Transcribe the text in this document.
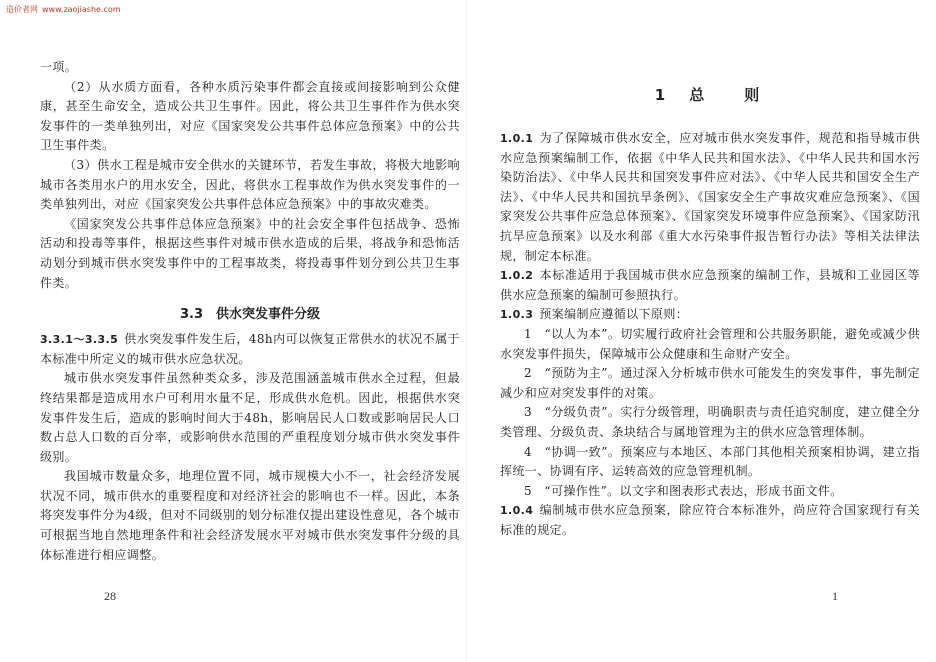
造价者网 www.zaojiashe.com

一项。

（2）从水质方面看，各种水质污染事件都会直接或间接影响到公众健康，甚至生命安全，造成公共卫生事件。因此，将公共卫生事件作为供水突发事件的一类单独列出，对应《国家突发公共事件总体应急预案》中的公共卫生事件类。

（3）供水工程是城市安全供水的关键环节，若发生事故，将极大地影响城市各类用水户的用水安全，因此，将供水工程事故作为供水突发事件的一类单独列出，对应《国家突发公共事件总体应急预案》中的事故灾难类。

《国家突发公共事件总体应急预案》中的社会安全事件包括战争、恐怖活动和投毒等事件，根据这些事件对城市供水造成的后果，将战争和恐怖活动划分到城市供水突发事件中的工程事故类，将投毒事件划分到公共卫生事件类。

3.3　供水突发事件分级

3.3.1～3.3.5 供水突发事件发生后，48h内可以恢复正常供水的状况不属于本标准中所定义的城市供水应急状况。

城市供水突发事件虽然种类众多，涉及范围涵盖城市供水全过程，但最终结果都是造成用水户可利用水量不足，形成供水危机。因此，根据供水突发事件发生后，造成的影响时间大于48h，影响居民人口数或影响居民人口数占总人口数的百分率，或影响供水范围的严重程度划分城市供水突发事件级别。

我国城市数量众多，地理位置不同，城市规模大小不一，社会经济发展状况不同，城市供水的重要程度和对经济社会的影响也不一样。因此，本条将突发事件分为4级，但对不同级别的划分标准仅提出建设性意见，各个城市可根据当地自然地理条件和社会经济发展水平对城市供水突发事件分级的具体标准进行相应调整。

28
1 总 则

1.0.1 为了保障城市供水安全，应对城市供水突发事件，规范和指导城市供水应急预案编制工作，依据《中华人民共和国水法》、《中华人民共和国水污染防治法》、《中华人民共和国突发事件应对法》、《中华人民共和国安全生产法》、《中华人民共和国抗旱条例》、《国家安全生产事故灾难应急预案》、《国家突发公共事件应急总体预案》、《国家突发环境事件应急预案》、《国家防汛抗旱应急预案》以及水利部《重大水污染事件报告暂行办法》等相关法律法规，制定本标准。

1.0.2 本标准适用于我国城市供水应急预案的编制工作，县城和工业园区等供水应急预案的编制可参照执行。

1.0.3 预案编制应遵循以下原则：

1　“以人为本”。切实履行政府社会管理和公共服务职能，避免或减少供水突发事件损失，保障城市公众健康和生命财产安全。

2　“预防为主”。通过深入分析城市供水可能发生的突发事件，事先制定减少和应对突发事件的对策。

3　“分级负责”。实行分级管理，明确职责与责任追究制度，建立健全分类管理、分级负责、条块结合与属地管理为主的供水应急管理体制。

4　“协调一致”。预案应与本地区、本部门其他相关预案相协调，建立指挥统一、协调有序、运转高效的应急管理机制。

5　“可操作性”。以文字和图表形式表达，形成书面文件。

1.0.4 编制城市供水应急预案，除应符合本标准外，尚应符合国家现行有关标准的规定。

1
